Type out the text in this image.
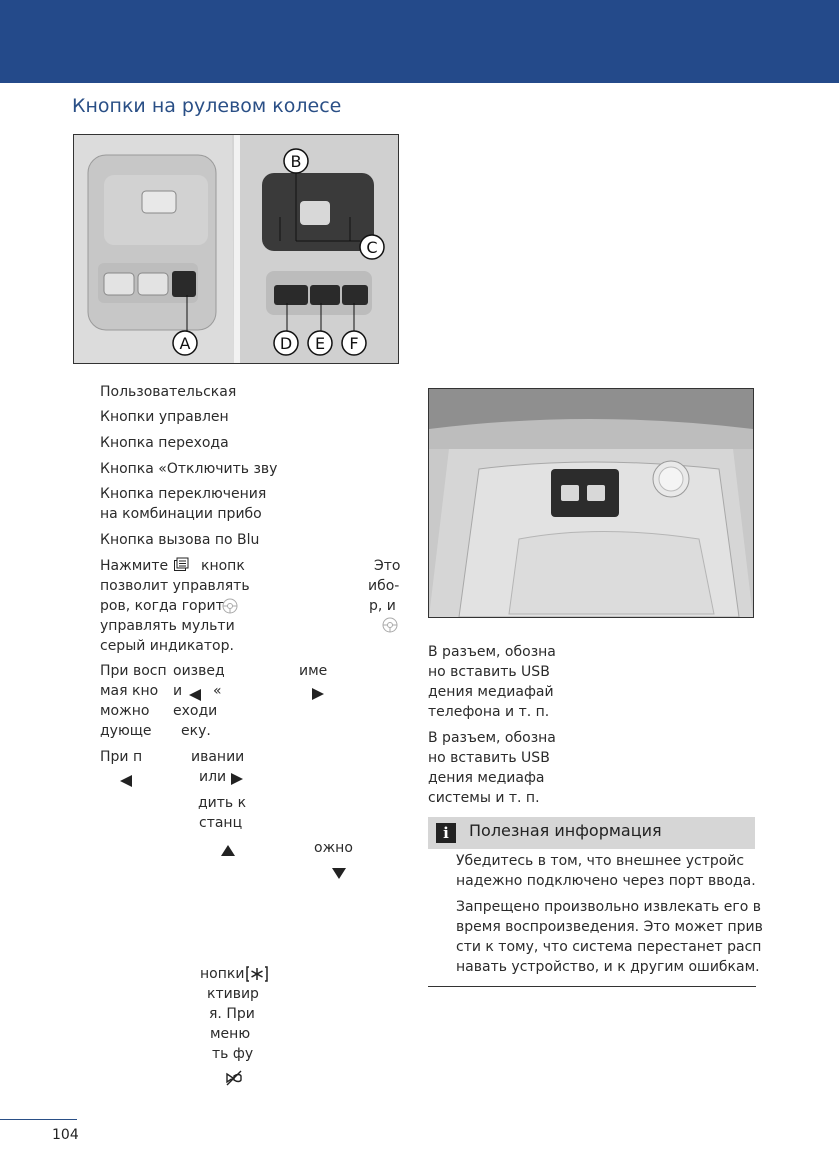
Кнопки на рулевом колесе
A
B
C
D E F
Пользовательская
Кнопки управлен
Кнопка перехода
Кнопка «Отключить зву
Кнопка переключения
на комбинации прибо
Кнопка вызова по Blu
Нажмите кнопк	Это
позволит управлять	ибо-
ров, когда горит	р, и
управлять мульти
серый индикатор.
При восп оизвед	име
мая кно и «
можно еходи
дующе еку.
При п	ивании
или
дить к
станц
ожно
нопки
ктивир
я. При
меню
ть фу
В разъем, обозна
но вставить USB
дения медиафай
телефона и т. п.
В разъем, обозна
но вставить USB
дения медиафа
системы и т. п.
i	Полезная информация
Убедитесь в том, что внешнее устройс
надежно подключено через порт ввода.
Запрещено произвольно извлекать его в
время воспроизведения. Это может прив
сти к тому, что система перестанет расп
навать устройство, и к другим ошибкам.
104
